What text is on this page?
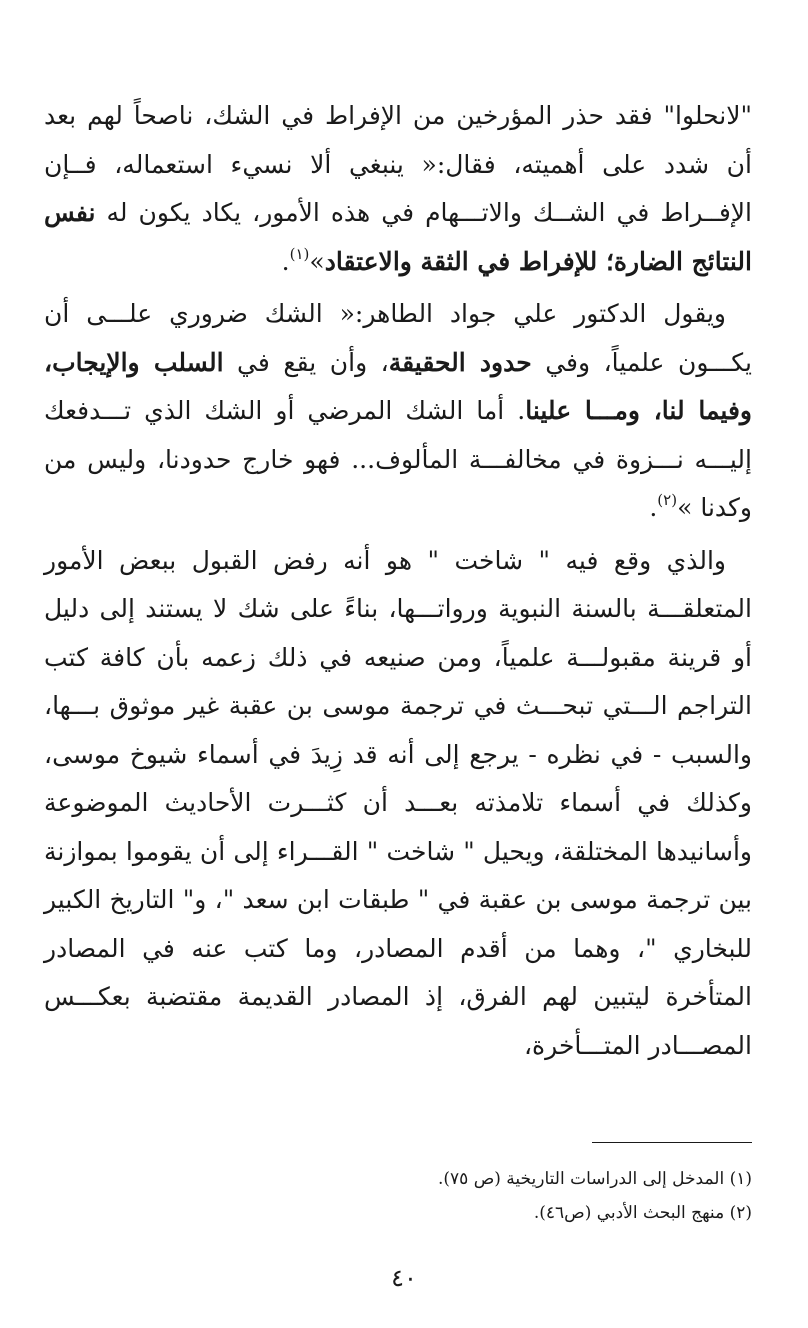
"لانحلوا" فقد حذر المؤرخين من الإفراط في الشك، ناصحاً لهم بعد أن شدد على أهميته، فقال:« ينبغي ألا نسيء استعماله، فــإن الإفــراط في الشــك والاتـــهام في هذه الأمور، يكاد يكون له نفس النتائج الضارة؛ للإفراط في الثقة والاعتقاد»$^{(١)}$.

ويقول الدكتور علي جواد الطاهر:« الشك ضروري علـــى أن يكـــون علمياً، وفي حدود الحقيقة، وأن يقع في السلب والإيجاب، وفيما لنا، ومـــا علينا. أما الشك المرضي أو الشك الذي تـــدفعك إليـــه نـــزوة في مخالفـــة المألوف... فهو خارج حدودنا، وليس من وكدنا »$^{(٢)}$.

والذي وقع فيه " شاخت " هو أنه رفض القبول ببعض الأمور المتعلقـــة بالسنة النبوية ورواتـــها، بناءً على شك لا يستند إلى دليل أو قرينة مقبولـــة علمياً، ومن صنيعه في ذلك زعمه بأن كافة كتب التراجم الـــتي تبحـــث في ترجمة موسى بن عقبة غير موثوق بـــها، والسبب - في نظره - يرجع إلى أنه قد زِيدَ في أسماء شيوخ موسى، وكذلك في أسماء تلامذته بعـــد أن كثـــرت الأحاديث الموضوعة وأسانيدها المختلقة، ويحيل " شاخت " القـــراء إلى أن يقوموا بموازنة بين ترجمة موسى بن عقبة في " طبقات ابن سعد "، و" التاريخ الكبير للبخاري "، وهما من أقدم المصادر، وما كتب عنه في المصادر المتأخرة ليتبين لهم الفرق، إذ المصادر القديمة مقتضبة بعكـــس المصـــادر المتـــأخرة،

(١) المدخل إلى الدراسات التاريخية (ص ٧٥).

(٢) منهج البحث الأدبي (ص٤٦).

٤٠
